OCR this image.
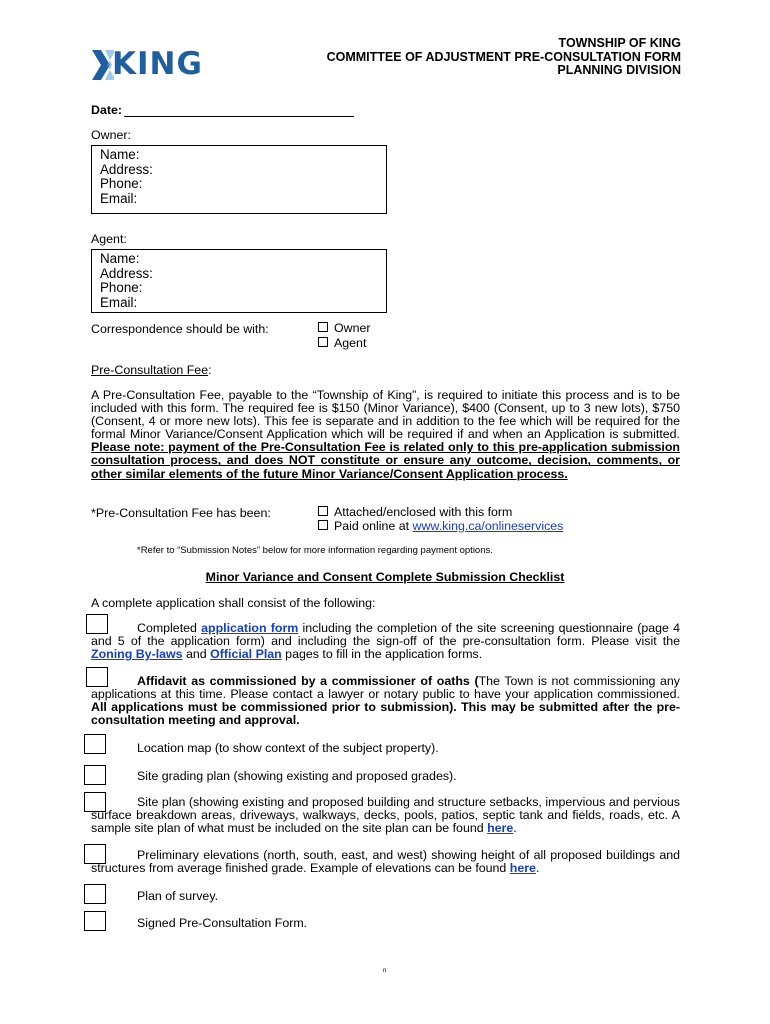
KING
TOWNSHIP OF KING
COMMITTEE OF ADJUSTMENT PRE-CONSULTATION FORM
PLANNING DIVISION
Date:
Owner:
Name:
Address:
Phone:
Email:
Agent:
Name:
Address:
Phone:
Email:
Correspondence should be with:	Owner
Agent
Pre-Consultation Fee:
A Pre-Consultation Fee, payable to the “Township of King”, is required to initiate this process and is to be included with this form. The required fee is $150 (Minor Variance), $400 (Consent, up to 3 new lots), $750 (Consent, 4 or more new lots). This fee is separate and in addition to the fee which will be required for the formal Minor Variance/Consent Application which will be required if and when an Application is submitted. Please note: payment of the Pre-Consultation Fee is related only to this pre-application submission consultation process, and does NOT constitute or ensure any outcome, decision, comments, or other similar elements of the future Minor Variance/Consent Application process.
*Pre-Consultation Fee has been:	Attached/enclosed with this form
Paid online at www.king.ca/onlineservices
*Refer to “Submission Notes” below for more information regarding payment options.
Minor Variance and Consent Complete Submission Checklist
A complete application shall consist of the following:
Completed application form including the completion of the site screening questionnaire (page 4 and 5 of the application form) and including the sign-off of the pre-consultation form. Please visit the Zoning By-laws and Official Plan pages to fill in the application forms.
Affidavit as commissioned by a commissioner of oaths (The Town is not commissioning any applications at this time. Please contact a lawyer or notary public to have your application commissioned. All applications must be commissioned prior to submission). This may be submitted after the pre-consultation meeting and approval.
Location map (to show context of the subject property).
Site grading plan (showing existing and proposed grades).
Site plan (showing existing and proposed building and structure setbacks, impervious and pervious surface breakdown areas, driveways, walkways, decks, pools, patios, septic tank and fields, roads, etc. A sample site plan of what must be included on the site plan can be found here.
Preliminary elevations (north, south, east, and west) showing height of all proposed buildings and structures from average finished grade. Example of elevations can be found here.
Plan of survey.
Signed Pre-Consultation Form.
n
